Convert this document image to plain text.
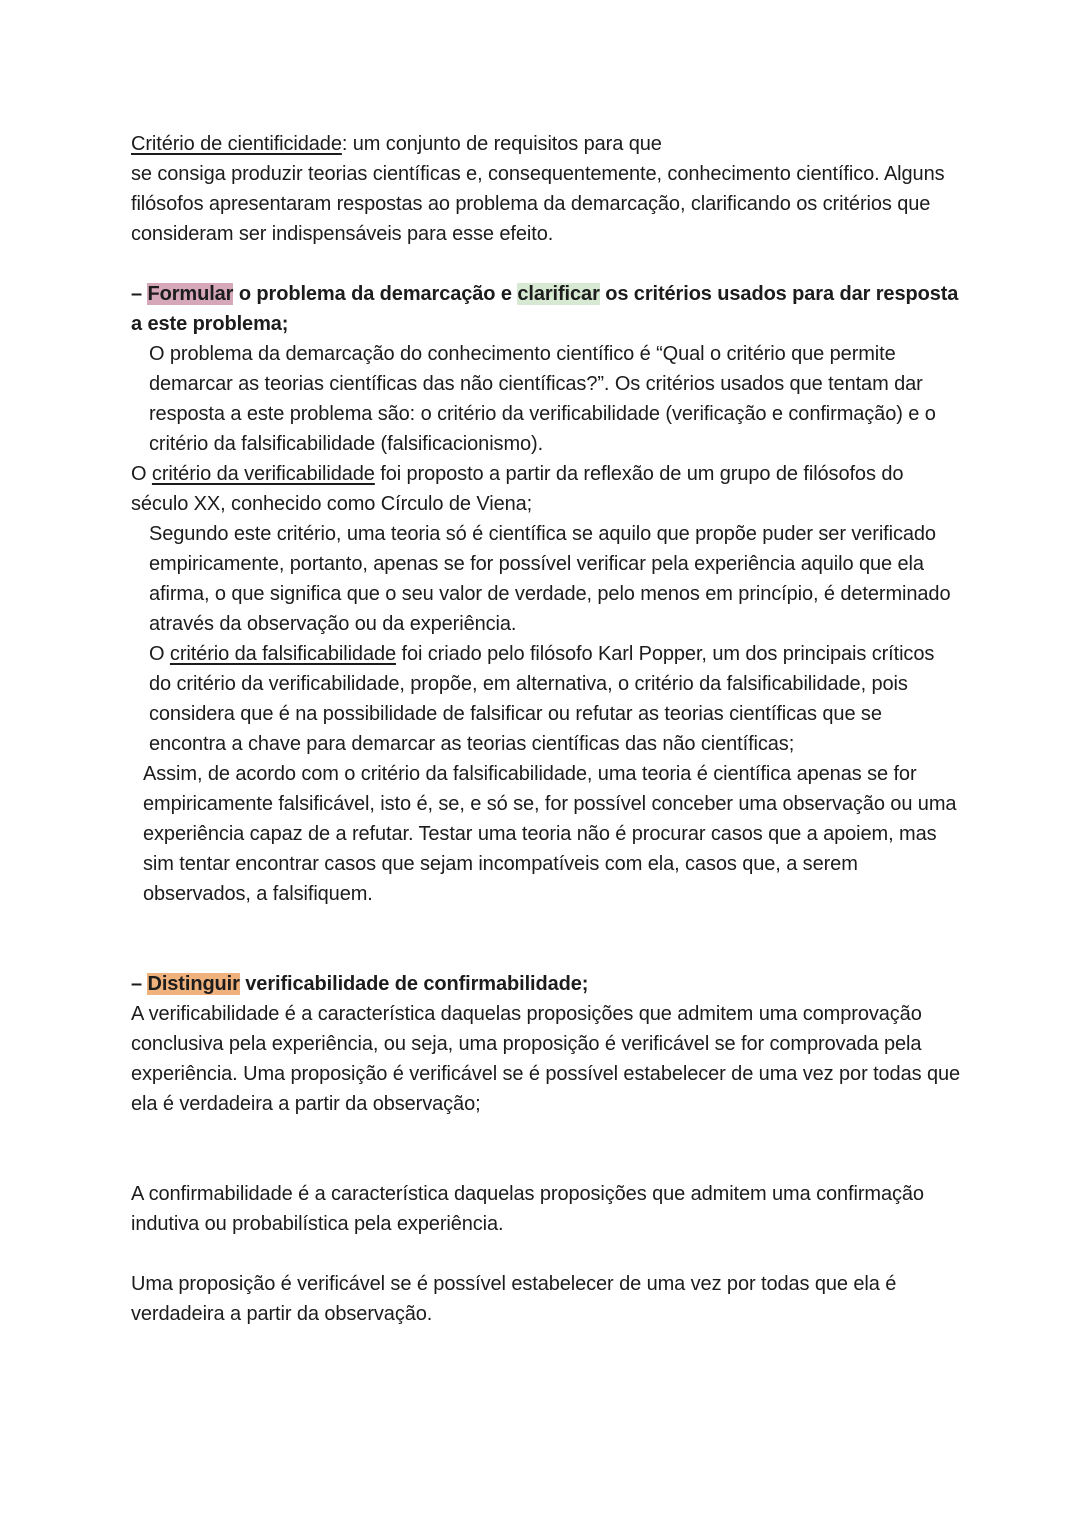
Critério de cientificidade: um conjunto de requisitos para que
se consiga produzir teorias científicas e, consequentemente, conhecimento científico. Alguns filósofos apresentaram respostas ao problema da demarcação, clarificando os critérios que consideram ser indispensáveis para esse efeito.

– Formular o problema da demarcação e clarificar os critérios usados para dar resposta a este problema;

O problema da demarcação do conhecimento científico é “Qual o critério que permite demarcar as teorias científicas das não científicas?”. Os critérios usados que tentam dar resposta a este problema são: o critério da verificabilidade (verificação e confirmação) e o critério da falsificabilidade (falsificacionismo).

O critério da verificabilidade foi proposto a partir da reflexão de um grupo de filósofos do século XX, conhecido como Círculo de Viena;

Segundo este critério, uma teoria só é científica se aquilo que propõe puder ser verificado empiricamente, portanto, apenas se for possível verificar pela experiência aquilo que ela afirma, o que significa que o seu valor de verdade, pelo menos em princípio, é determinado através da observação ou da experiência.

O critério da falsificabilidade foi criado pelo filósofo Karl Popper, um dos principais críticos do critério da verificabilidade, propõe, em alternativa, o critério da falsificabilidade, pois considera que é na possibilidade de falsificar ou refutar as teorias científicas que se encontra a chave para demarcar as teorias científicas das não científicas;

Assim, de acordo com o critério da falsificabilidade, uma teoria é científica apenas se for empiricamente falsificável, isto é, se, e só se, for possível conceber uma observação ou uma experiência capaz de a refutar. Testar uma teoria não é procurar casos que a apoiem, mas sim tentar encontrar casos que sejam incompatíveis com ela, casos que, a serem observados, a falsifiquem.

– Distinguir verificabilidade de confirmabilidade;

A verificabilidade é a característica daquelas proposições que admitem uma comprovação conclusiva pela experiência, ou seja, uma proposição é verificável se for comprovada pela experiência. Uma proposição é verificável se é possível estabelecer de uma vez por todas que ela é verdadeira a partir da observação;

A confirmabilidade é a característica daquelas proposições que admitem uma confirmação indutiva ou probabilística pela experiência.

Uma proposição é verificável se é possível estabelecer de uma vez por todas que ela é verdadeira a partir da observação.
